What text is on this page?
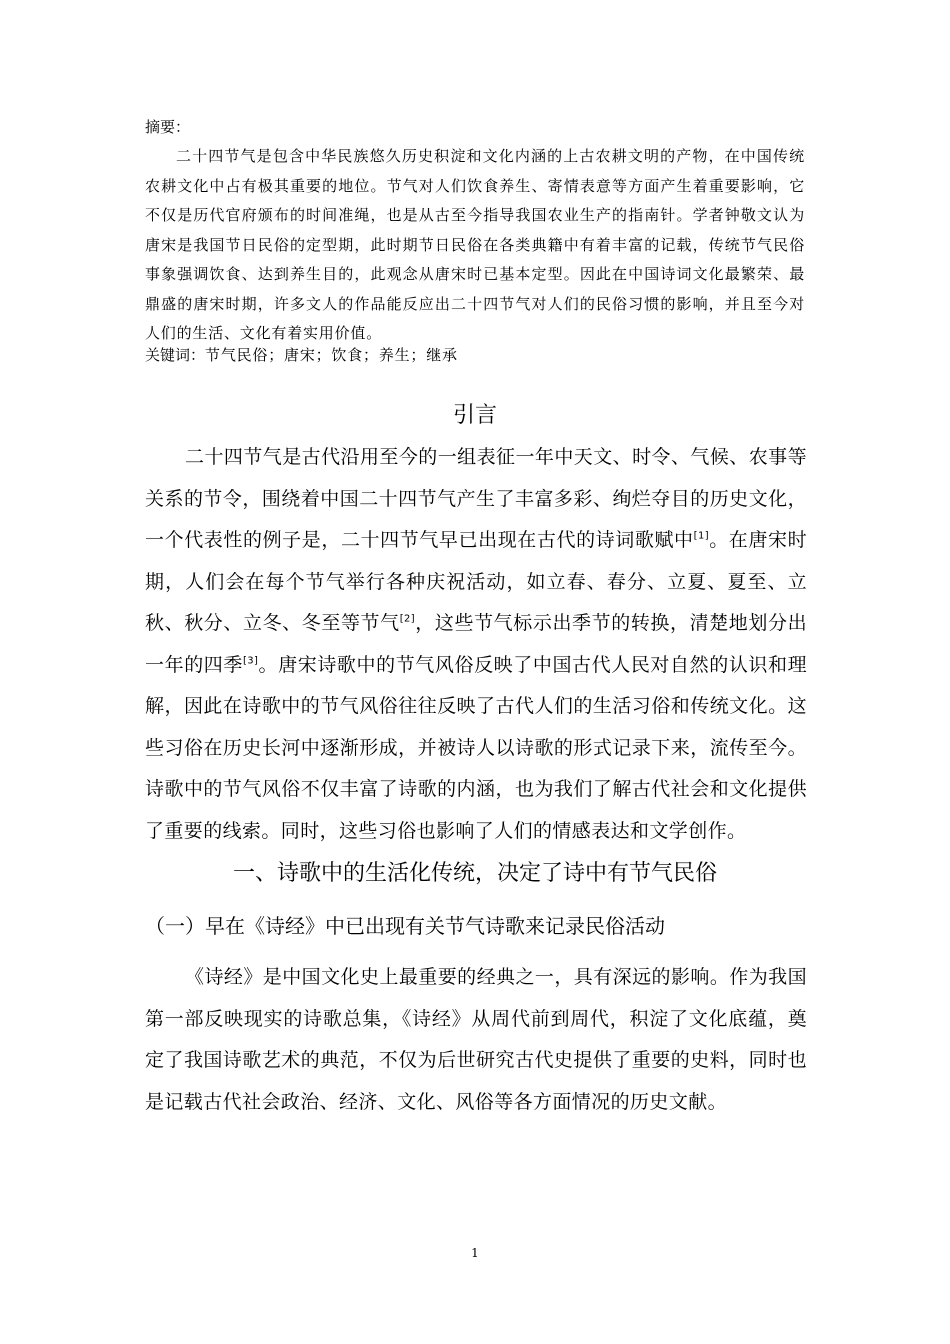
摘要：

二十四节气是包含中华民族悠久历史积淀和文化内涵的上古农耕文明的产物，在中国传统农耕文化中占有极其重要的地位。节气对人们饮食养生、寄情表意等方面产生着重要影响，它不仅是历代官府颁布的时间准绳，也是从古至今指导我国农业生产的指南针。学者钟敬文认为唐宋是我国节日民俗的定型期，此时期节日民俗在各类典籍中有着丰富的记载，传统节气民俗事象强调饮食、达到养生目的，此观念从唐宋时已基本定型。因此在中国诗词文化最繁荣、最鼎盛的唐宋时期，许多文人的作品能反应出二十四节气对人们的民俗习惯的影响，并且至今对人们的生活、文化有着实用价值。

关键词：节气民俗；唐宋；饮食；养生；继承
引言

二十四节气是古代沿用至今的一组表征一年中天文、时令、气候、农事等关系的节令，围绕着中国二十四节气产生了丰富多彩、绚烂夺目的历史文化，一个代表性的例子是，二十四节气早已出现在古代的诗词歌赋中[1]。在唐宋时期，人们会在每个节气举行各种庆祝活动，如立春、春分、立夏、夏至、立秋、秋分、立冬、冬至等节气[2]，这些节气标示出季节的转换，清楚地划分出一年的四季[3]。唐宋诗歌中的节气风俗反映了中国古代人民对自然的认识和理解，因此在诗歌中的节气风俗往往反映了古代人们的生活习俗和传统文化。这些习俗在历史长河中逐渐形成，并被诗人以诗歌的形式记录下来，流传至今。诗歌中的节气风俗不仅丰富了诗歌的内涵，也为我们了解古代社会和文化提供了重要的线索。同时，这些习俗也影响了人们的情感表达和文学创作。

一、诗歌中的生活化传统，决定了诗中有节气民俗
（一）早在《诗经》中已出现有关节气诗歌来记录民俗活动

《诗经》是中国文化史上最重要的经典之一，具有深远的影响。作为我国第一部反映现实的诗歌总集，《诗经》从周代前到周代，积淀了文化底蕴，奠定了我国诗歌艺术的典范，不仅为后世研究古代史提供了重要的史料，同时也是记载古代社会政治、经济、文化、风俗等各方面情况的历史文献。

1
